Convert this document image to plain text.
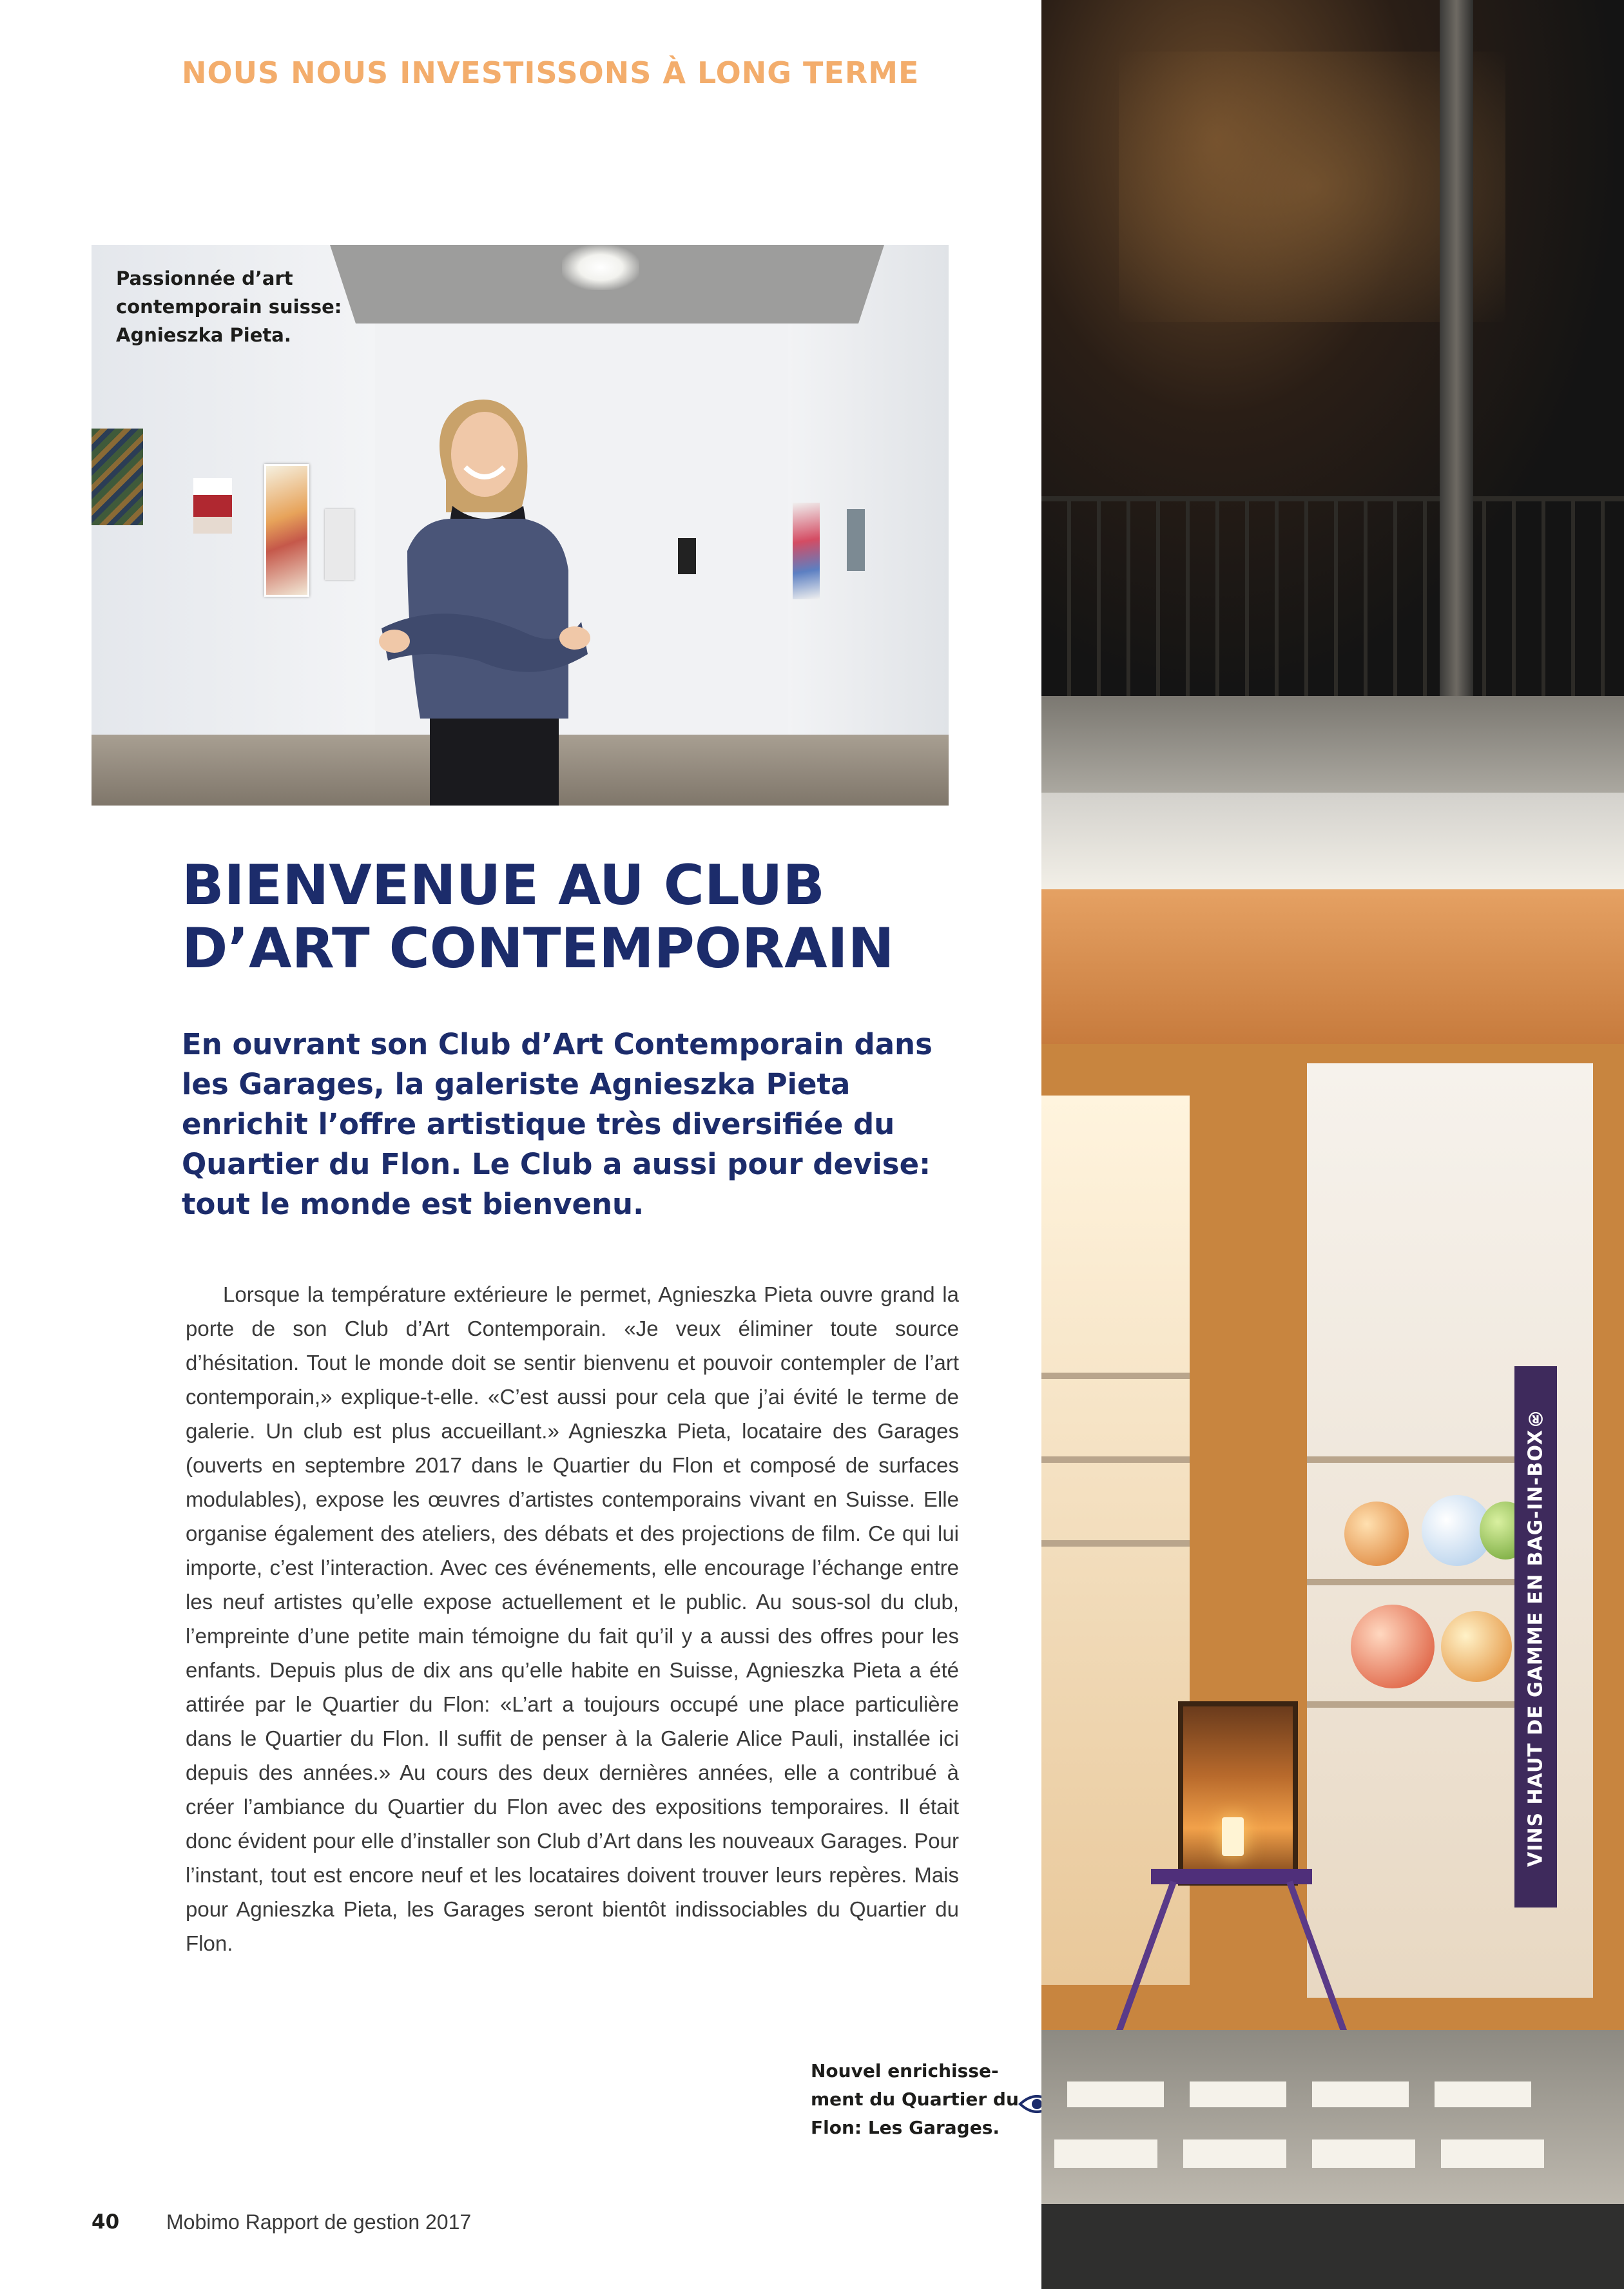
NOUS NOUS INVESTISSONS À LONG TERME
Passionnée d’art
contemporain suisse:
Agnieszka Pieta.
BIENVENUE AU CLUB
D’ART CONTEMPORAIN
En ouvrant son Club d’Art Contemporain dans les Garages, la galeriste Agnieszka Pieta enrichit l’offre artistique très diversifiée du Quartier du Flon. Le Club a aussi pour devise: tout le monde est bienvenu.
Lorsque la température extérieure le permet, Agnieszka Pieta ouvre grand la porte de son Club d’Art Contemporain. «Je veux éliminer toute source d’hésitation. Tout le monde doit se sentir bienvenu et pouvoir contempler de l’art contemporain,» explique-t-elle. «C’est aussi pour cela que j’ai évité le terme de galerie. Un club est plus accueillant.» Agnieszka Pieta, locataire des Garages (ouverts en septembre 2017 dans le Quartier du Flon et composé de surfaces modulables), expose les œuvres d’artistes contemporains vivant en Suisse. Elle organise également des ateliers, des débats et des projections de film. Ce qui lui importe, c’est l’interaction. Avec ces événements, elle encourage l’échange entre les neuf artistes qu’elle expose actuellement et le public. Au sous-sol du club, l’empreinte d’une petite main témoigne du fait qu’il y a aussi des offres pour les enfants. Depuis plus de dix ans qu’elle habite en Suisse, Agnieszka Pieta a été attirée par le Quartier du Flon: «L’art a toujours occupé une place particulière dans le Quartier du Flon. Il suffit de penser à la Galerie Alice Pauli, installée ici depuis des années.» Au cours des deux dernières années, elle a contribué à créer l’ambiance du Quartier du Flon avec des expositions temporaires. Il était donc évident pour elle d’installer son Club d’Art dans les nouveaux Garages. Pour l’instant, tout est encore neuf et les locataires doivent trouver leurs repères. Mais pour Agnieszka Pieta, les Garages seront bientôt indissociables du Quartier du Flon.
Nouvel enrichisse-
ment du Quartier du
Flon: Les Garages.
40 Mobimo Rapport de gestion 2017
VINS HAUT DE GAMME EN BAG-IN-BOX®
